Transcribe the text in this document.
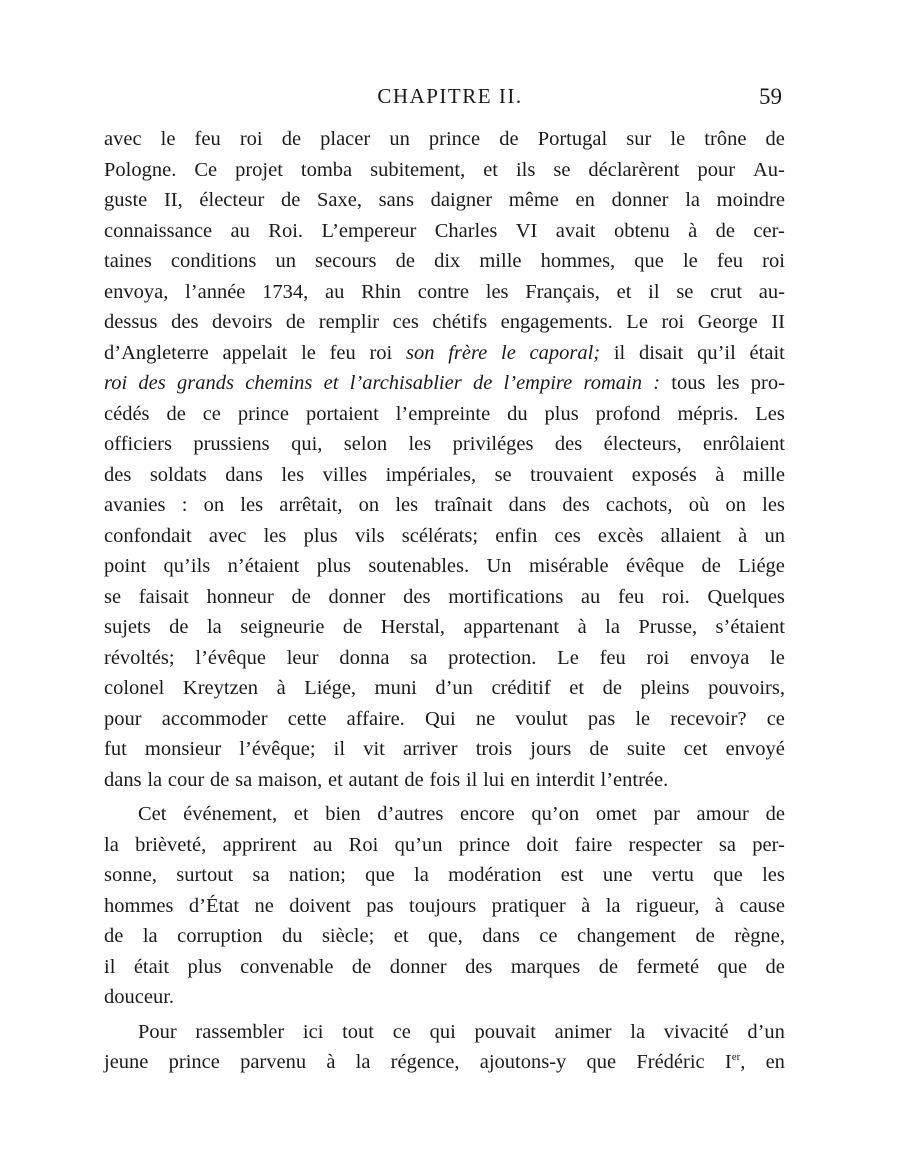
CHAPITRE II.	59
avec le feu roi de placer un prince de Portugal sur le trône de
Pologne. Ce projet tomba subitement, et ils se déclarèrent pour Au-
guste II, électeur de Saxe, sans daigner même en donner la moindre
connaissance au Roi. L’empereur Charles VI avait obtenu à de cer-
taines conditions un secours de dix mille hommes, que le feu roi
envoya, l’année 1734, au Rhin contre les Français, et il se crut au-
dessus des devoirs de remplir ces chétifs engagements. Le roi George II
d’Angleterre appelait le feu roi son frère le caporal; il disait qu’il était
roi des grands chemins et l’archisablier de l’empire romain : tous les pro-
cédés de ce prince portaient l’empreinte du plus profond mépris. Les
officiers prussiens qui, selon les priviléges des électeurs, enrôlaient
des soldats dans les villes impériales, se trouvaient exposés à mille
avanies : on les arrêtait, on les traînait dans des cachots, où on les
confondait avec les plus vils scélérats; enfin ces excès allaient à un
point qu’ils n’étaient plus soutenables. Un misérable évêque de Liége
se faisait honneur de donner des mortifications au feu roi. Quelques
sujets de la seigneurie de Herstal, appartenant à la Prusse, s’étaient
révoltés; l’évêque leur donna sa protection. Le feu roi envoya le
colonel Kreytzen à Liége, muni d’un créditif et de pleins pouvoirs,
pour accommoder cette affaire. Qui ne voulut pas le recevoir? ce
fut monsieur l’évêque; il vit arriver trois jours de suite cet envoyé
dans la cour de sa maison, et autant de fois il lui en interdit l’entrée.
Cet événement, et bien d’autres encore qu’on omet par amour de
la brièveté, apprirent au Roi qu’un prince doit faire respecter sa per-
sonne, surtout sa nation; que la modération est une vertu que les
hommes d’État ne doivent pas toujours pratiquer à la rigueur, à cause
de la corruption du siècle; et que, dans ce changement de règne,
il était plus convenable de donner des marques de fermeté que de
douceur.
Pour rassembler ici tout ce qui pouvait animer la vivacité d’un
jeune prince parvenu à la régence, ajoutons-y que Frédéric Ier, en
